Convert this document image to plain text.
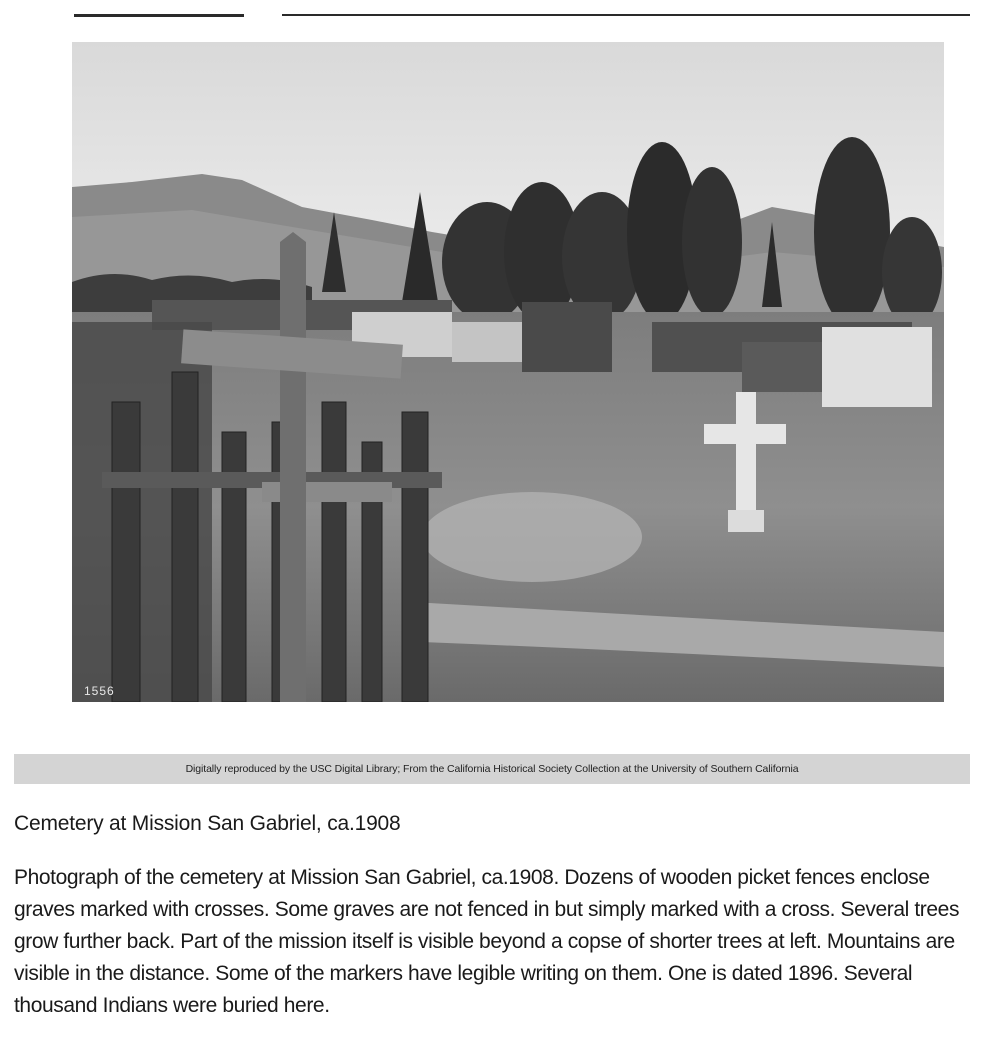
1556
Digitally reproduced by the USC Digital Library; From the California Historical Society Collection at the University of Southern California
Cemetery at Mission San Gabriel, ca.1908

Photograph of the cemetery at Mission San Gabriel, ca.1908. Dozens of wooden picket fences enclose graves marked with crosses. Some graves are not fenced in but simply marked with a cross. Several trees grow further back. Part of the mission itself is visible beyond a copse of shorter trees at left. Mountains are visible in the distance. Some of the markers have legible writing on them. One is dated 1896. Several thousand Indians were buried here.
